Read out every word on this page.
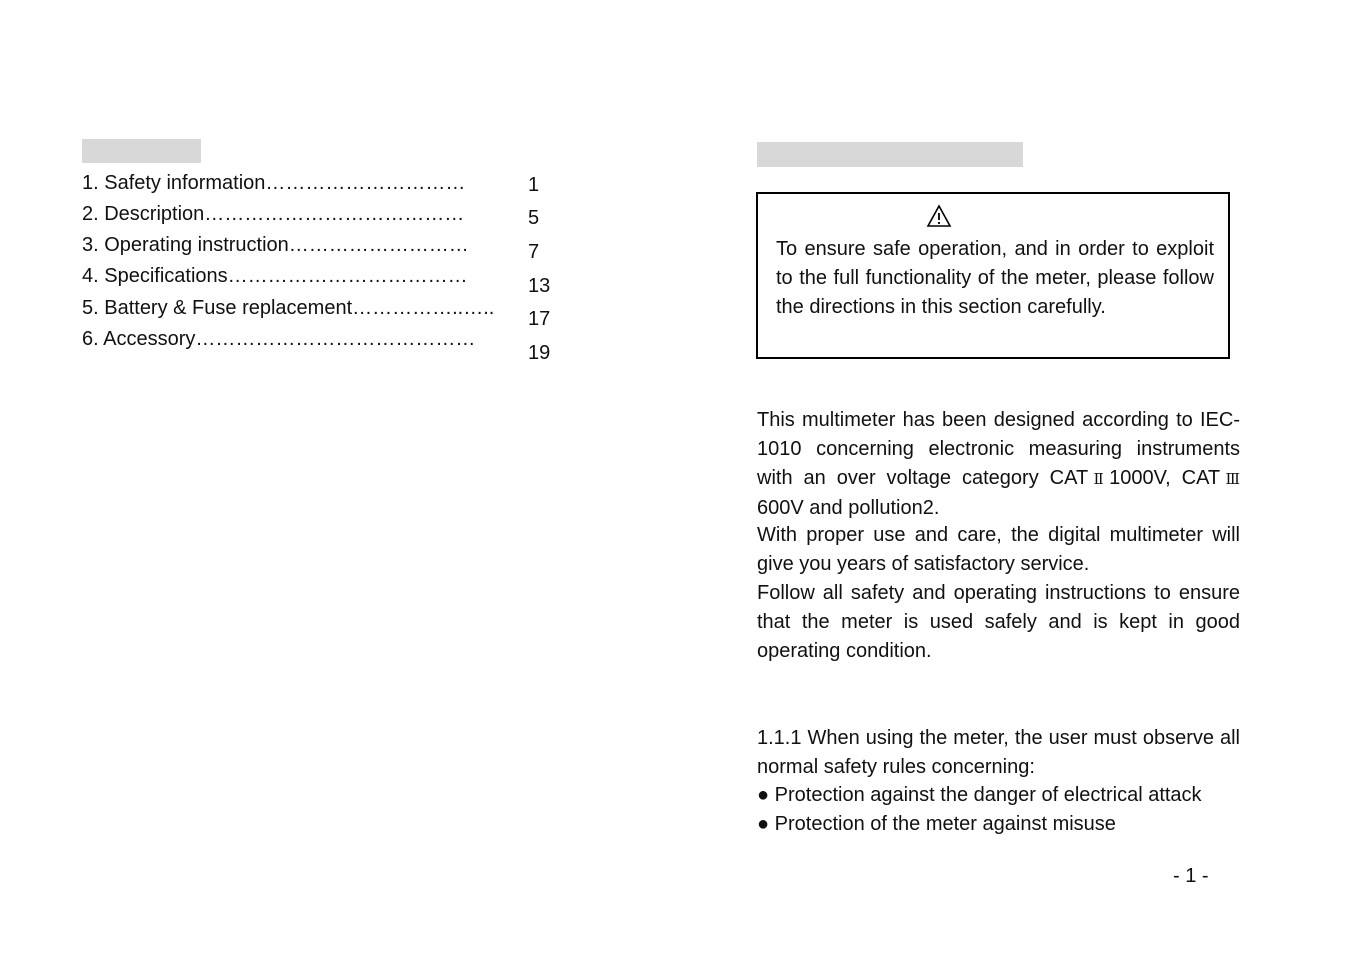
1. Safety information…………………………
2. Description…………………………………
3. Operating instruction………………………
4. Specifications………………………………
5. Battery & Fuse replacement……………..…..
6. Accessory……………………………………
1
5
7
13
17
19

To ensure safe operation, and in order to exploit to the full functionality of the meter, please follow the directions in this section carefully.

This multimeter has been designed according to IEC-1010 concerning electronic measuring instruments with an over voltage category CATⅡ1000V, CATⅢ 600V and pollution2.

With proper use and care, the digital multimeter will give you years of satisfactory service.

Follow all safety and operating instructions to ensure that the meter is used safely and is kept in good operating condition.

1.1.1 When using the meter, the user must observe all normal safety rules concerning:

● Protection against the danger of electrical attack
● Protection of the meter against misuse
- 1 -
